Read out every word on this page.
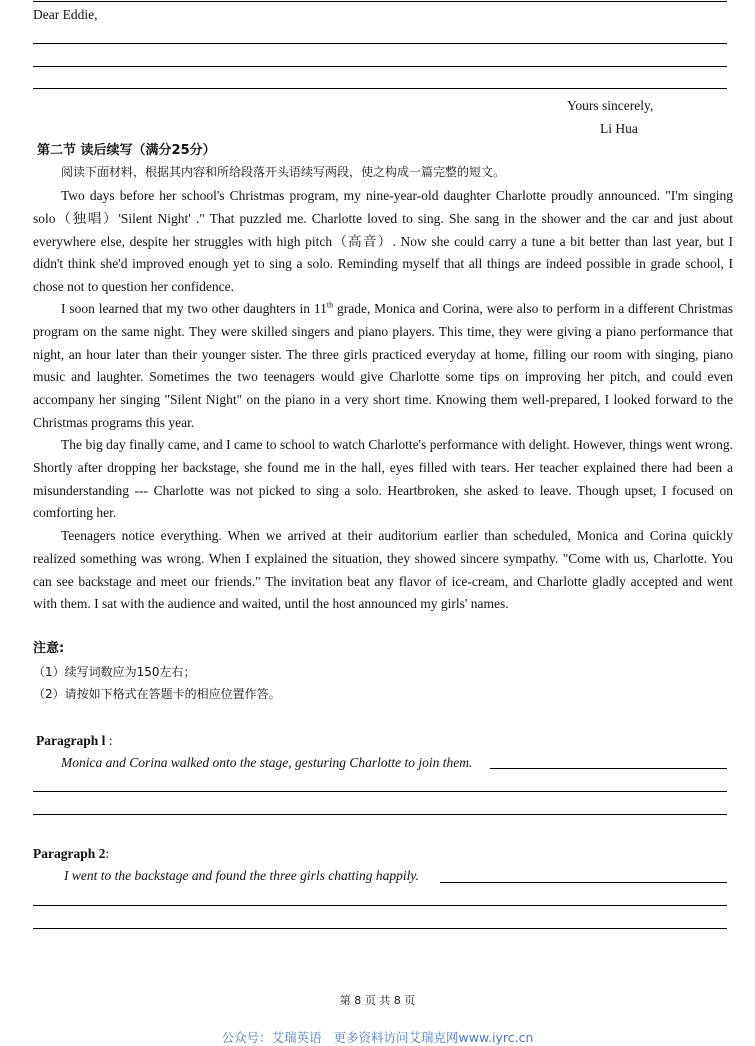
Dear Eddie,
Yours sincerely,
Li Hua
第二节 读后续写（满分25分）
阅读下面材料，根据其内容和所给段落开头语续写两段，使之构成一篇完整的短文。

Two days before her school's Christmas program, my nine-year-old daughter Charlotte proudly announced. "I'm singing solo（独唱）'Silent Night' ." That puzzled me. Charlotte loved to sing. She sang in the shower and the car and just about everywhere else, despite her struggles with high pitch（高音）. Now she could carry a tune a bit better than last year, but I didn't think she'd improved enough yet to sing a solo. Reminding myself that all things are indeed possible in grade school, I chose not to question her confidence.

I soon learned that my two other daughters in 11th grade, Monica and Corina, were also to perform in a different Christmas program on the same night. They were skilled singers and piano players. This time, they were giving a piano performance that night, an hour later than their younger sister. The three girls practiced everyday at home, filling our room with singing, piano music and laughter. Sometimes the two teenagers would give Charlotte some tips on improving her pitch, and could even accompany her singing "Silent Night" on the piano in a very short time. Knowing them well-prepared, I looked forward to the Christmas programs this year.

The big day finally came, and I came to school to watch Charlotte's performance with delight. However, things went wrong. Shortly after dropping her backstage, she found me in the hall, eyes filled with tears. Her teacher explained there had been a misunderstanding --- Charlotte was not picked to sing a solo. Heartbroken, she asked to leave. Though upset, I focused on comforting her.

Teenagers notice everything. When we arrived at their auditorium earlier than scheduled, Monica and Corina quickly realized something was wrong. When I explained the situation, they showed sincere sympathy. "Come with us, Charlotte. You can see backstage and meet our friends." The invitation beat any flavor of ice-cream, and Charlotte gladly accepted and went with them. I sat with the audience and waited, until the host announced my girls' names.

注意:
（1）续写词数应为150左右；
（2）请按如下格式在答题卡的相应位置作答。
Paragraph l :
Monica and Corina walked onto the stage, gesturing Charlotte to join them.
Paragraph 2:
I went to the backstage and found the three girls chatting happily.
第 8 页 共 8 页
公众号：艾瑞英语   更多资料访问艾瑞克网www.iyrc.cn
